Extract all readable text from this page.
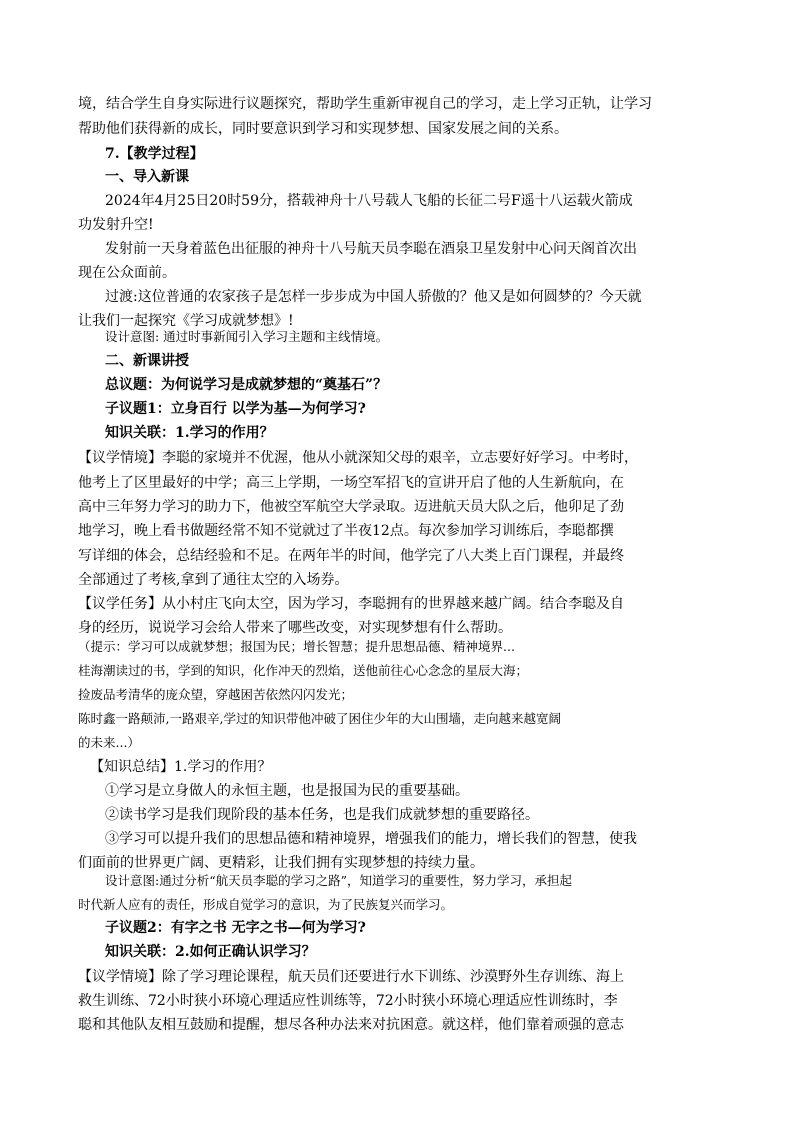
境，结合学生自身实际进行议题探究，帮助学生重新审视自己的学习，走上学习正轨，让学习
帮助他们获得新的成长，同时要意识到学习和实现梦想、国家发展之间的关系。
7.【教学过程】
一、导入新课
2024年4月25日20时59分，搭载神舟十八号载人飞船的长征二号F遥十八运载火箭成
功发射升空!
发射前一天身着蓝色出征服的神舟十八号航天员李聪在酒泉卫星发射中心问天阁首次出
现在公众面前。
过渡:这位普通的农家孩子是怎样一步步成为中国人骄傲的？他又是如何圆梦的？今天就
让我们一起探究《学习成就梦想》!
设计意图: 通过时事新闻引入学习主题和主线情境。
二、新课讲授
总议题：为何说学习是成就梦想的“奠基石”？
子议题1：立身百行 以学为基—为何学习?
知识关联：1.学习的作用？
【议学情境】李聪的家境并不优渥，他从小就深知父母的艰辛，立志要好好学习。中考时，
他考上了区里最好的中学；高三上学期，一场空军招飞的宣讲开启了他的人生新航向，在
高中三年努力学习的助力下，他被空军航空大学录取。迈进航天员大队之后，他卯足了劲
地学习，晚上看书做题经常不知不觉就过了半夜12点。每次参加学习训练后，李聪都撰
写详细的体会，总结经验和不足。在两年半的时间，他学完了八大类上百门课程，并最终
全部通过了考核,拿到了通往太空的入场券。
【议学任务】从小村庄飞向太空，因为学习，李聪拥有的世界越来越广阔。结合李聪及自
身的经历，说说学习会给人带来了哪些改变，对实现梦想有什么帮助。
（提示：学习可以成就梦想；报国为民；增长智慧；提升思想品德、精神境界...
桂海潮读过的书，学到的知识，化作冲天的烈焰，送他前往心心念念的星辰大海；
捡废品考清华的庞众望，穿越困苦依然闪闪发光；
陈时鑫一路颠沛,一路艰辛,学过的知识带他冲破了困住少年的大山围墙，走向越来越宽阔
的未来...）
【知识总结】1.学习的作用？
①学习是立身做人的永恒主题，也是报国为民的重要基础。
②读书学习是我们现阶段的基本任务，也是我们成就梦想的重要路径。
③学习可以提升我们的思想品德和精神境界，增强我们的能力，增长我们的智慧，使我
们面前的世界更广阔、更精彩，让我们拥有实现梦想的持续力量。
设计意图:通过分析“航天员李聪的学习之路”，知道学习的重要性，努力学习，承担起
时代新人应有的责任，形成自觉学习的意识，为了民族复兴而学习。
子议题2：有字之书 无字之书—何为学习?
知识关联：2.如何正确认识学习？
【议学情境】除了学习理论课程，航天员们还要进行水下训练、沙漠野外生存训练、海上
救生训练、72小时狭小环境心理适应性训练等，72小时狭小环境心理适应性训练时，李
聪和其他队友相互鼓励和提醒，想尽各种办法来对抗困意。就这样，他们靠着顽强的意志
